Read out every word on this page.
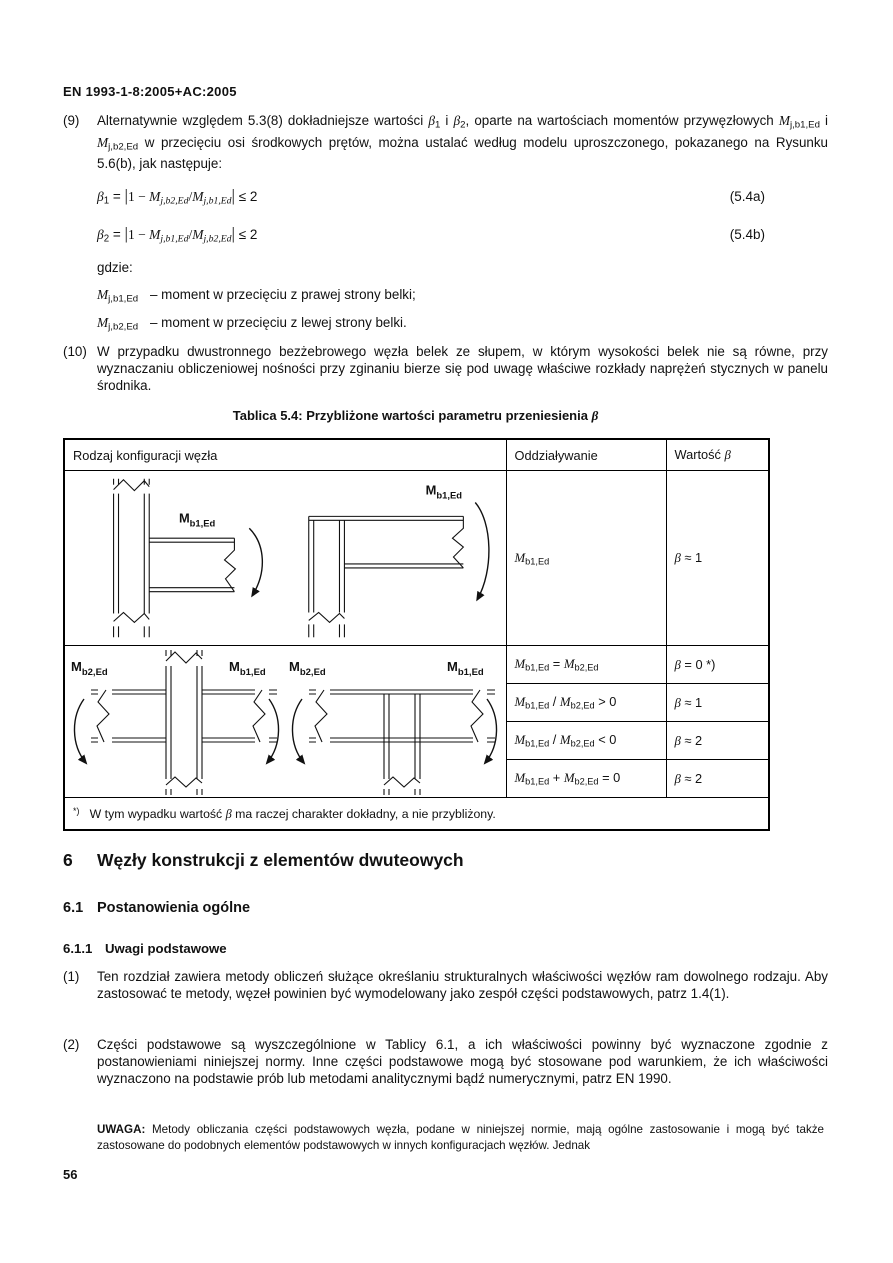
EN 1993-1-8:2005+AC:2005
(9)	Alternatywnie względem 5.3(8) dokładniejsze wartości $\beta_1$ i $\beta_2$, oparte na wartościach momentów przywęzłowych $M_{j,b1,Ed}$ i $M_{j,b2,Ed}$ w przecięciu osi środkowych prętów, można ustalać według modelu uproszczonego, pokazanego na Rysunku 5.6(b), jak następuje:
$\beta_1 = |1 - M_{j,b2,Ed}/M_{j,b1,Ed}| \le 2$	(5.4a)
$\beta_2 = |1 - M_{j,b1,Ed}/M_{j,b2,Ed}| \le 2$	(5.4b)
gdzie:
$M_{j,b1,Ed}$ – moment w przecięciu z prawej strony belki;
$M_{j,b2,Ed}$ – moment w przecięciu z lewej strony belki.
(10) W przypadku dwustronnego bezżebrowego węzła belek ze słupem, w którym wysokości belek nie są równe, przy wyznaczaniu obliczeniowej nośności przy zginaniu bierze się pod uwagę właściwe rozkłady naprężeń stycznych w panelu środnika.
Tablica 5.4: Przybliżone wartości parametru przeniesienia β
Rodzaj konfiguracji węzła	Oddziaływanie	Wartość β

$M_{b1,Ed}$
$M_{b1,Ed}$	$M_{b1,Ed}$	β ≈ 1

$M_{b2,Ed}$ $M_{b1,Ed}$ $M_{b2,Ed}$ $M_{b1,Ed}$	$M_{b1,Ed} = M_{b2,Ed}$	β = 0 *)
	$M_{b1,Ed} / M_{b2,Ed} > 0$	β ≈ 1
	$M_{b1,Ed} / M_{b2,Ed} < 0$	β ≈ 2
	$M_{b1,Ed} + M_{b2,Ed} = 0$	β ≈ 2
*)   W tym wypadku wartość β ma raczej charakter dokładny, a nie przybliżony.		
6 Węzły konstrukcji z elementów dwuteowych
6.1 Postanowienia ogólne
6.1.1 Uwagi podstawowe
(1)	Ten rozdział zawiera metody obliczeń służące określaniu strukturalnych właściwości węzłów ram dowolnego rodzaju. Aby zastosować te metody, węzeł powinien być wymodelowany jako zespół części podstawowych, patrz 1.4(1).
(2)	Części podstawowe są wyszczególnione w Tablicy 6.1, a ich właściwości powinny być wyznaczone zgodnie z postanowieniami niniejszej normy. Inne części podstawowe mogą być stosowane pod warunkiem, że ich właściwości wyznaczono na podstawie prób lub metodami analitycznymi bądź numerycznymi, patrz EN 1990.
UWAGA: Metody obliczania części podstawowych węzła, podane w niniejszej normie, mają ogólne zastosowanie i mogą być także zastosowane do podobnych elementów podstawowych w innych konfiguracjach węzłów. Jednak
56
